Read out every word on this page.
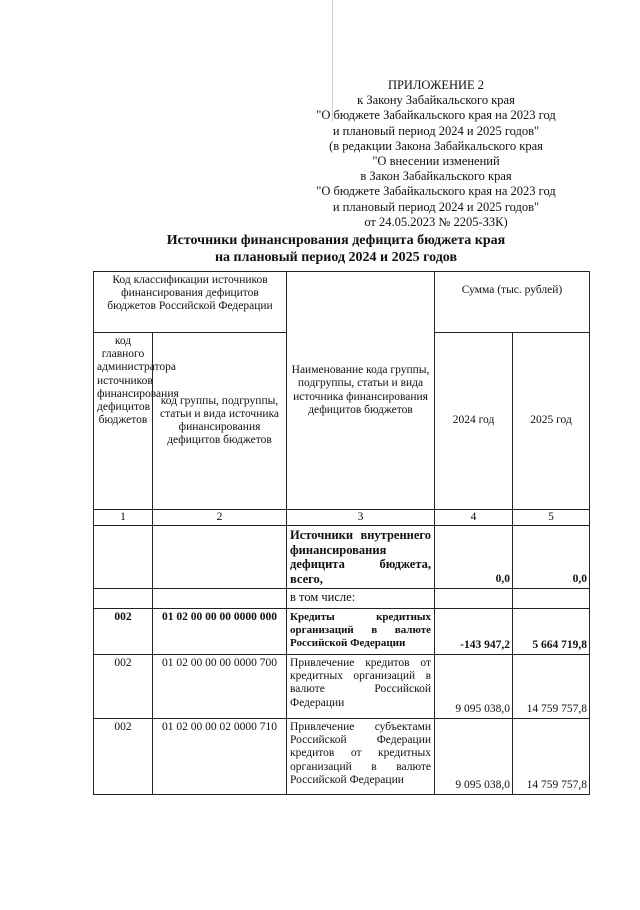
ПРИЛОЖЕНИЕ 2
к Закону Забайкальского края
"О бюджете Забайкальского края на 2023 год
и плановый период 2024 и 2025 годов"
(в редакции Закона Забайкальского края
"О внесении изменений
в Закон Забайкальского края
"О бюджете Забайкальского края на 2023 год
и плановый период 2024 и 2025 годов"
от 24.05.2023 № 2205-ЗЗК)
Источники финансирования дефицита бюджета края
на плановый период 2024 и 2025 годов
Код классификации источников финансирования дефицитов бюджетов Российской Федерации		Наименование кода группы, подгруппы, статьи и вида источника финансирования дефицитов бюджетов	Сумма (тыс. рублей)	
код главного администратора источников финансирования дефицитов бюджетов	код группы, подгруппы, статьи и вида источника финансирования дефицитов бюджетов		2024 год	2025 год
1	2	3	4	5
		Источники внутреннего финансирования дефицита бюджета, всего,	0,0	0,0
		в том числе:		
002	01 02 00 00 00 0000 000	Кредиты кредитных организаций в валюте Российской Федерации	-143 947,2	5 664 719,8
002	01 02 00 00 00 0000 700	Привлечение кредитов от кредитных организаций в валюте Российской Федерации	9 095 038,0	14 759 757,8
002	01 02 00 00 02 0000 710	Привлечение субъектами Российской Федерации кредитов от кредитных организаций в валюте Российской Федерации	9 095 038,0	14 759 757,8
